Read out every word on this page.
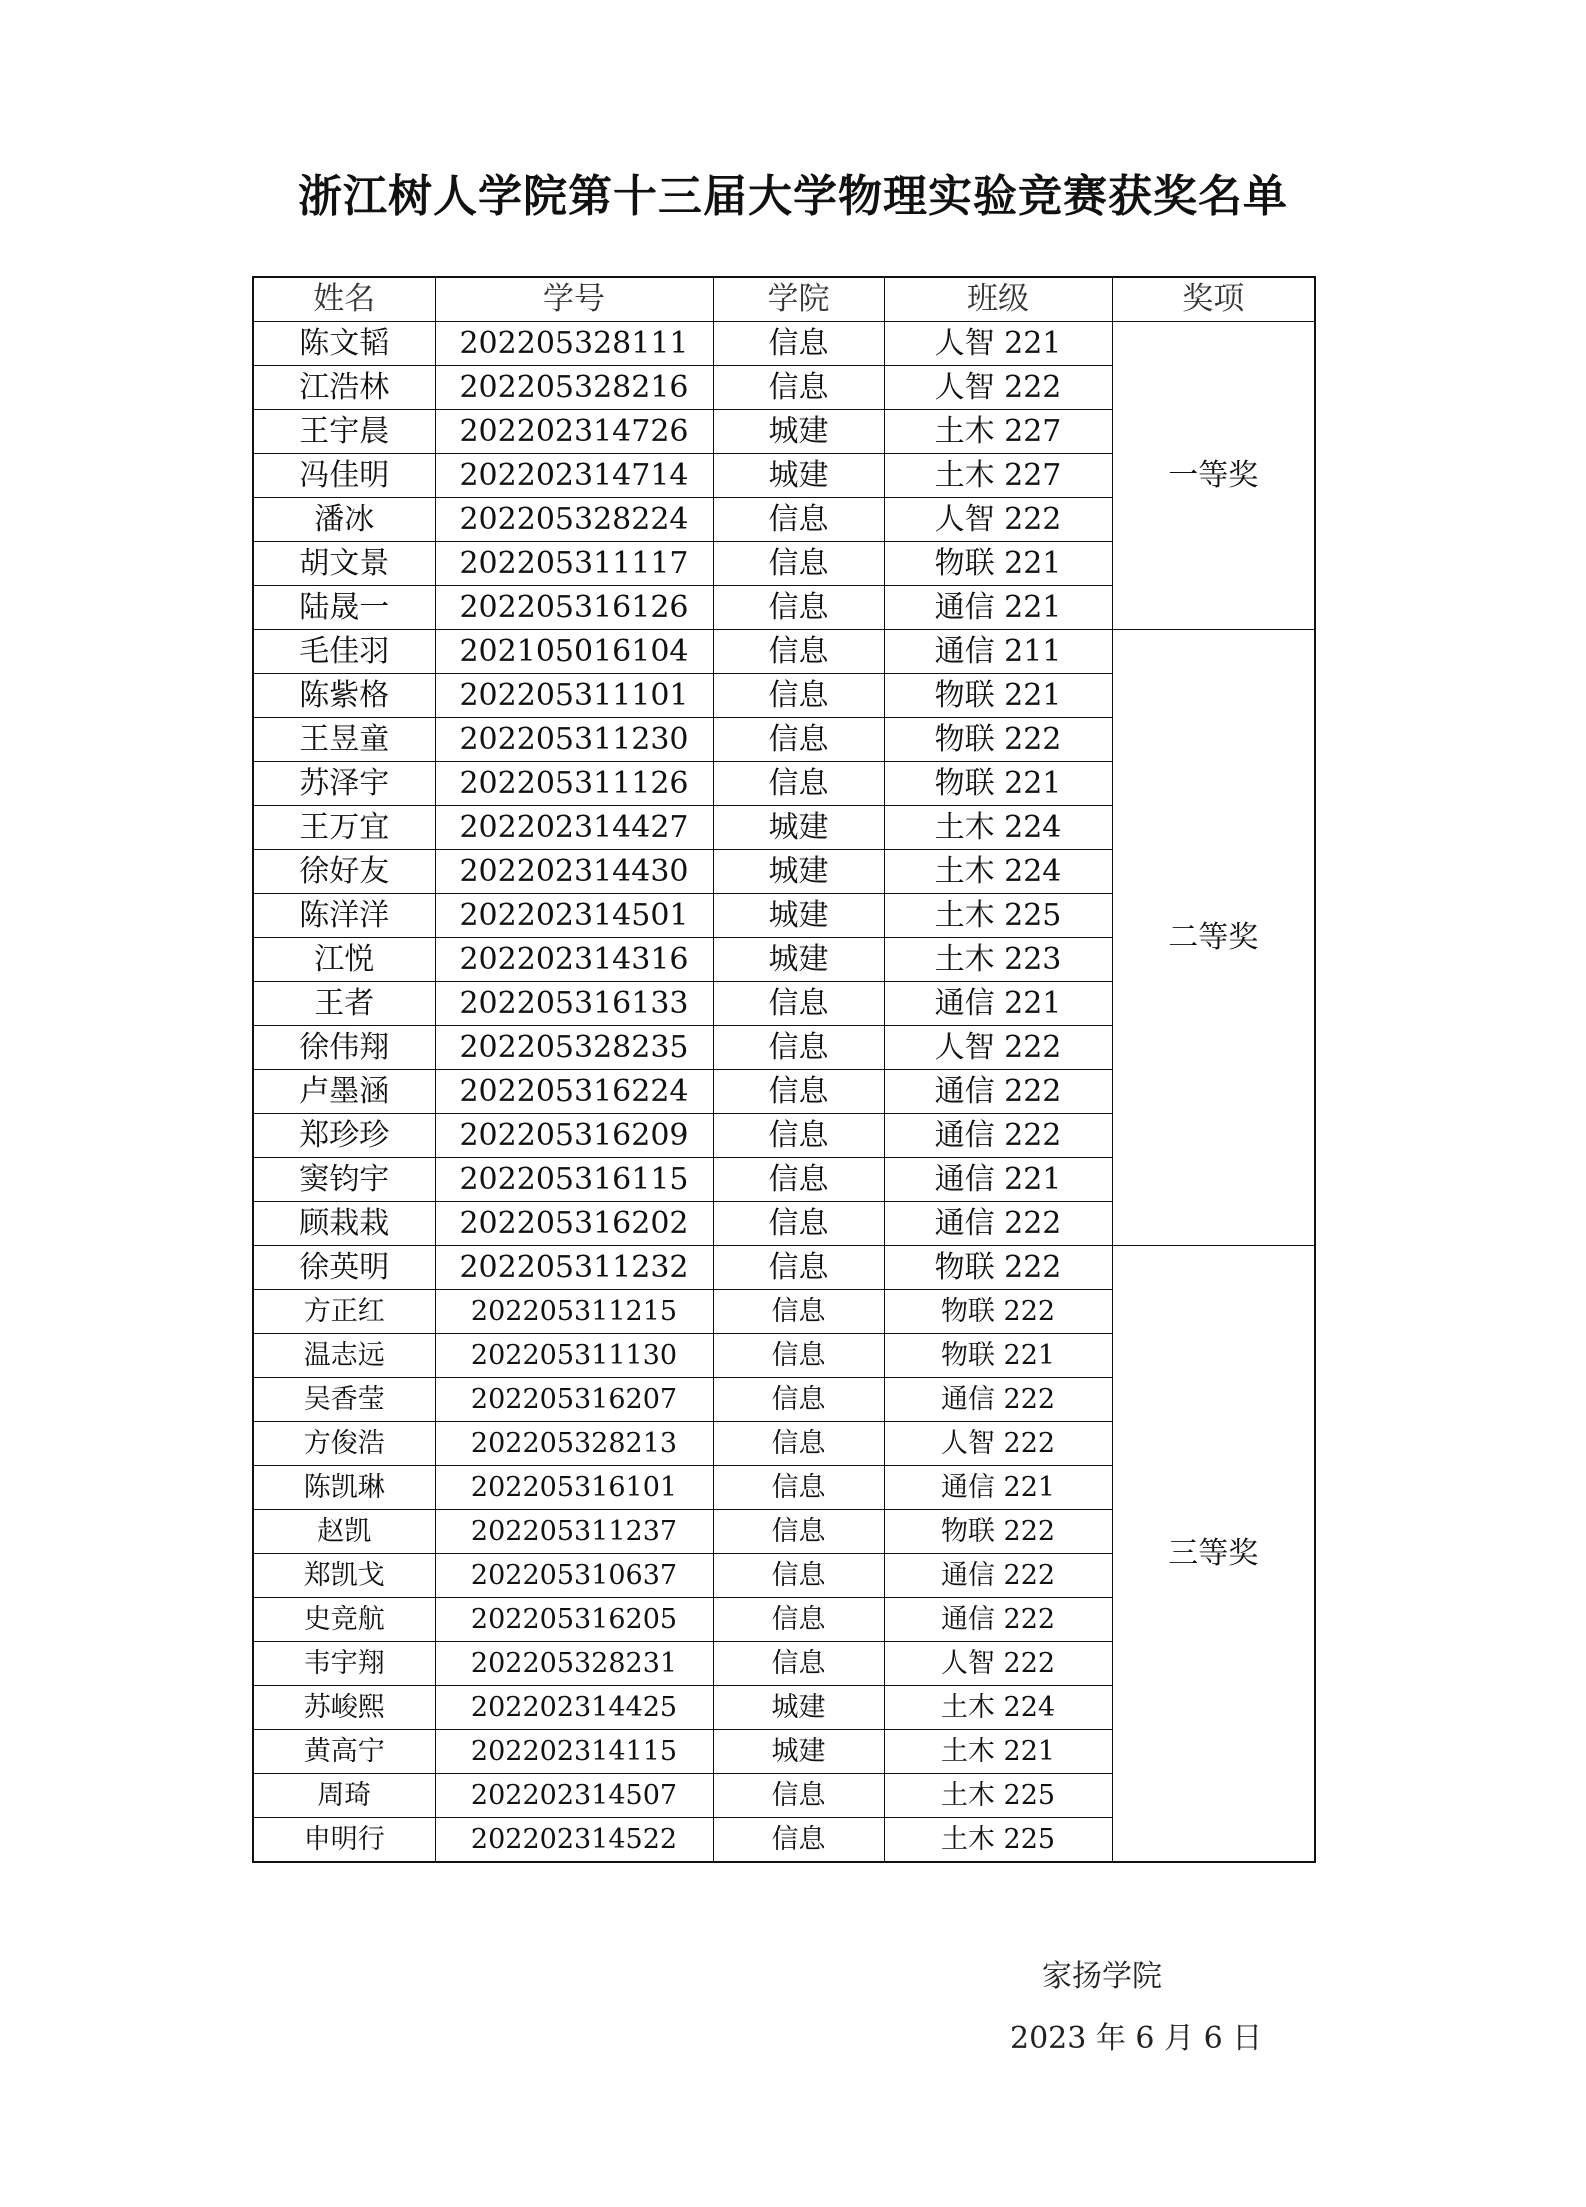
浙江树人学院第十三届大学物理实验竞赛获奖名单
姓名	学号	学院	班级	奖项
陈文韬	202205328111	信息	人智 221	一等奖
江浩林	202205328216	信息	人智 222	
王宇晨	202202314726	城建	土木 227	
冯佳明	202202314714	城建	土木 227	
潘冰	202205328224	信息	人智 222	
胡文景	202205311117	信息	物联 221	
陆晟一	202205316126	信息	通信 221	
毛佳羽	202105016104	信息	通信 211	二等奖
陈紫格	202205311101	信息	物联 221	
王昱童	202205311230	信息	物联 222	
苏泽宇	202205311126	信息	物联 221	
王万宜	202202314427	城建	土木 224	
徐好友	202202314430	城建	土木 224	
陈洋洋	202202314501	城建	土木 225	
江悦	202202314316	城建	土木 223	
王者	202205316133	信息	通信 221	
徐伟翔	202205328235	信息	人智 222	
卢墨涵	202205316224	信息	通信 222	
郑珍珍	202205316209	信息	通信 222	
窦钧宇	202205316115	信息	通信 221	
顾栽栽	202205316202	信息	通信 222	
徐英明	202205311232	信息	物联 222	三等奖
方正红	202205311215	信息	物联 222	
温志远	202205311130	信息	物联 221	
吴香莹	202205316207	信息	通信 222	
方俊浩	202205328213	信息	人智 222	
陈凯琳	202205316101	信息	通信 221	
赵凯	202205311237	信息	物联 222	
郑凯戈	202205310637	信息	通信 222	
史竞航	202205316205	信息	通信 222	
韦宇翔	202205328231	信息	人智 222	
苏峻熙	202202314425	城建	土木 224	
黄高宁	202202314115	城建	土木 221	
周琦	202202314507	信息	土木 225	
申明行	202202314522	信息	土木 225	
家扬学院
2023 年 6 月 6 日
